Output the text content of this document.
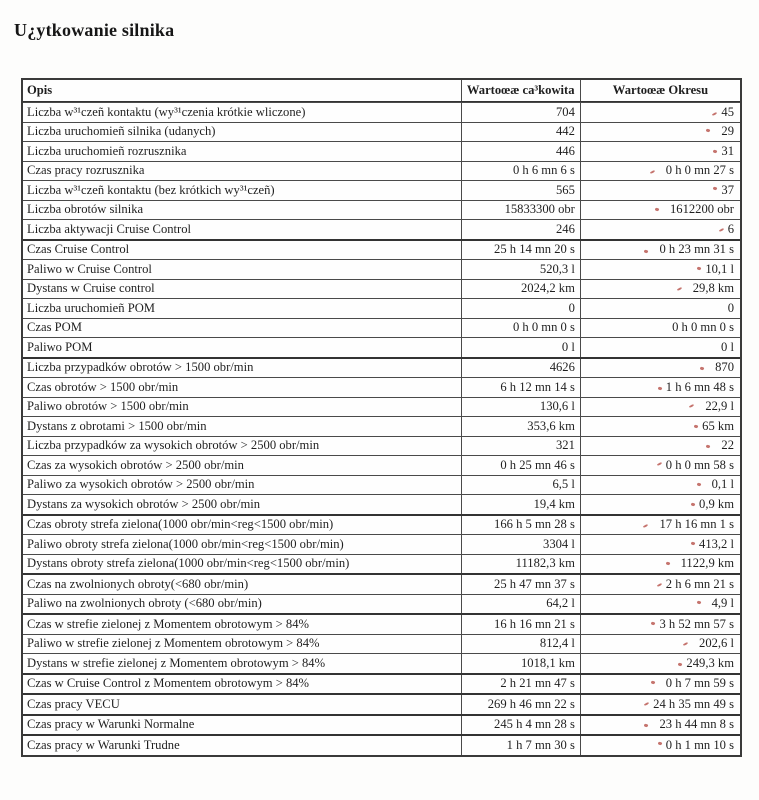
U¿ytkowanie silnika
Opis	Wartoœæ ca³kowita	Wartoœæ Okresu
Liczba w³¹czeñ kontaktu (wy³¹czenia krótkie wliczone)	704	45
Liczba uruchomieñ silnika (udanych)	442	29
Liczba uruchomieñ rozrusznika	446	31
Czas pracy rozrusznika	0 h 6 mn 6 s	0 h 0 mn 27 s
Liczba w³¹czeñ kontaktu (bez krótkich wy³¹czeñ)	565	37
Liczba obrotów silnika	15833300 obr	1612200 obr
Liczba aktywacji Cruise Control	246	6
Czas Cruise Control	25 h 14 mn 20 s	0 h 23 mn 31 s
Paliwo w Cruise Control	520,3 l	10,1 l
Dystans w Cruise control	2024,2 km	29,8 km
Liczba uruchomieñ POM	0	0
Czas POM	0 h 0 mn 0 s	0 h 0 mn 0 s
Paliwo POM	0 l	0 l
Liczba przypadków obrotów > 1500 obr/min	4626	870
Czas obrotów > 1500 obr/min	6 h 12 mn 14 s	1 h 6 mn 48 s
Paliwo obrotów > 1500 obr/min	130,6 l	22,9 l
Dystans z obrotami > 1500 obr/min	353,6 km	65 km
Liczba przypadków za wysokich obrotów > 2500 obr/min	321	22
Czas za wysokich obrotów > 2500 obr/min	0 h 25 mn 46 s	0 h 0 mn 58 s
Paliwo za wysokich obrotów > 2500 obr/min	6,5 l	0,1 l
Dystans za wysokich obrotów > 2500 obr/min	19,4 km	0,9 km
Czas obroty strefa zielona(1000 obr/min<reg<1500 obr/min)	166 h 5 mn 28 s	17 h 16 mn 1 s
Paliwo obroty strefa zielona(1000 obr/min<reg<1500 obr/min)	3304 l	413,2 l
Dystans obroty strefa zielona(1000 obr/min<reg<1500 obr/min)	11182,3 km	1122,9 km
Czas na zwolnionych obroty(<680 obr/min)	25 h 47 mn 37 s	2 h 6 mn 21 s
Paliwo na zwolnionych obroty (<680 obr/min)	64,2 l	4,9 l
Czas w strefie zielonej z Momentem obrotowym > 84%	16 h 16 mn 21 s	3 h 52 mn 57 s
Paliwo w strefie zielonej z Momentem obrotowym > 84%	812,4 l	202,6 l
Dystans w strefie zielonej z Momentem obrotowym > 84%	1018,1 km	249,3 km
Czas w Cruise Control z Momentem obrotowym > 84%	2 h 21 mn 47 s	0 h 7 mn 59 s
Czas pracy VECU	269 h 46 mn 22 s	24 h 35 mn 49 s
Czas pracy w Warunki Normalne	245 h 4 mn 28 s	23 h 44 mn 8 s
Czas pracy w Warunki Trudne	1 h 7 mn 30 s	0 h 1 mn 10 s
